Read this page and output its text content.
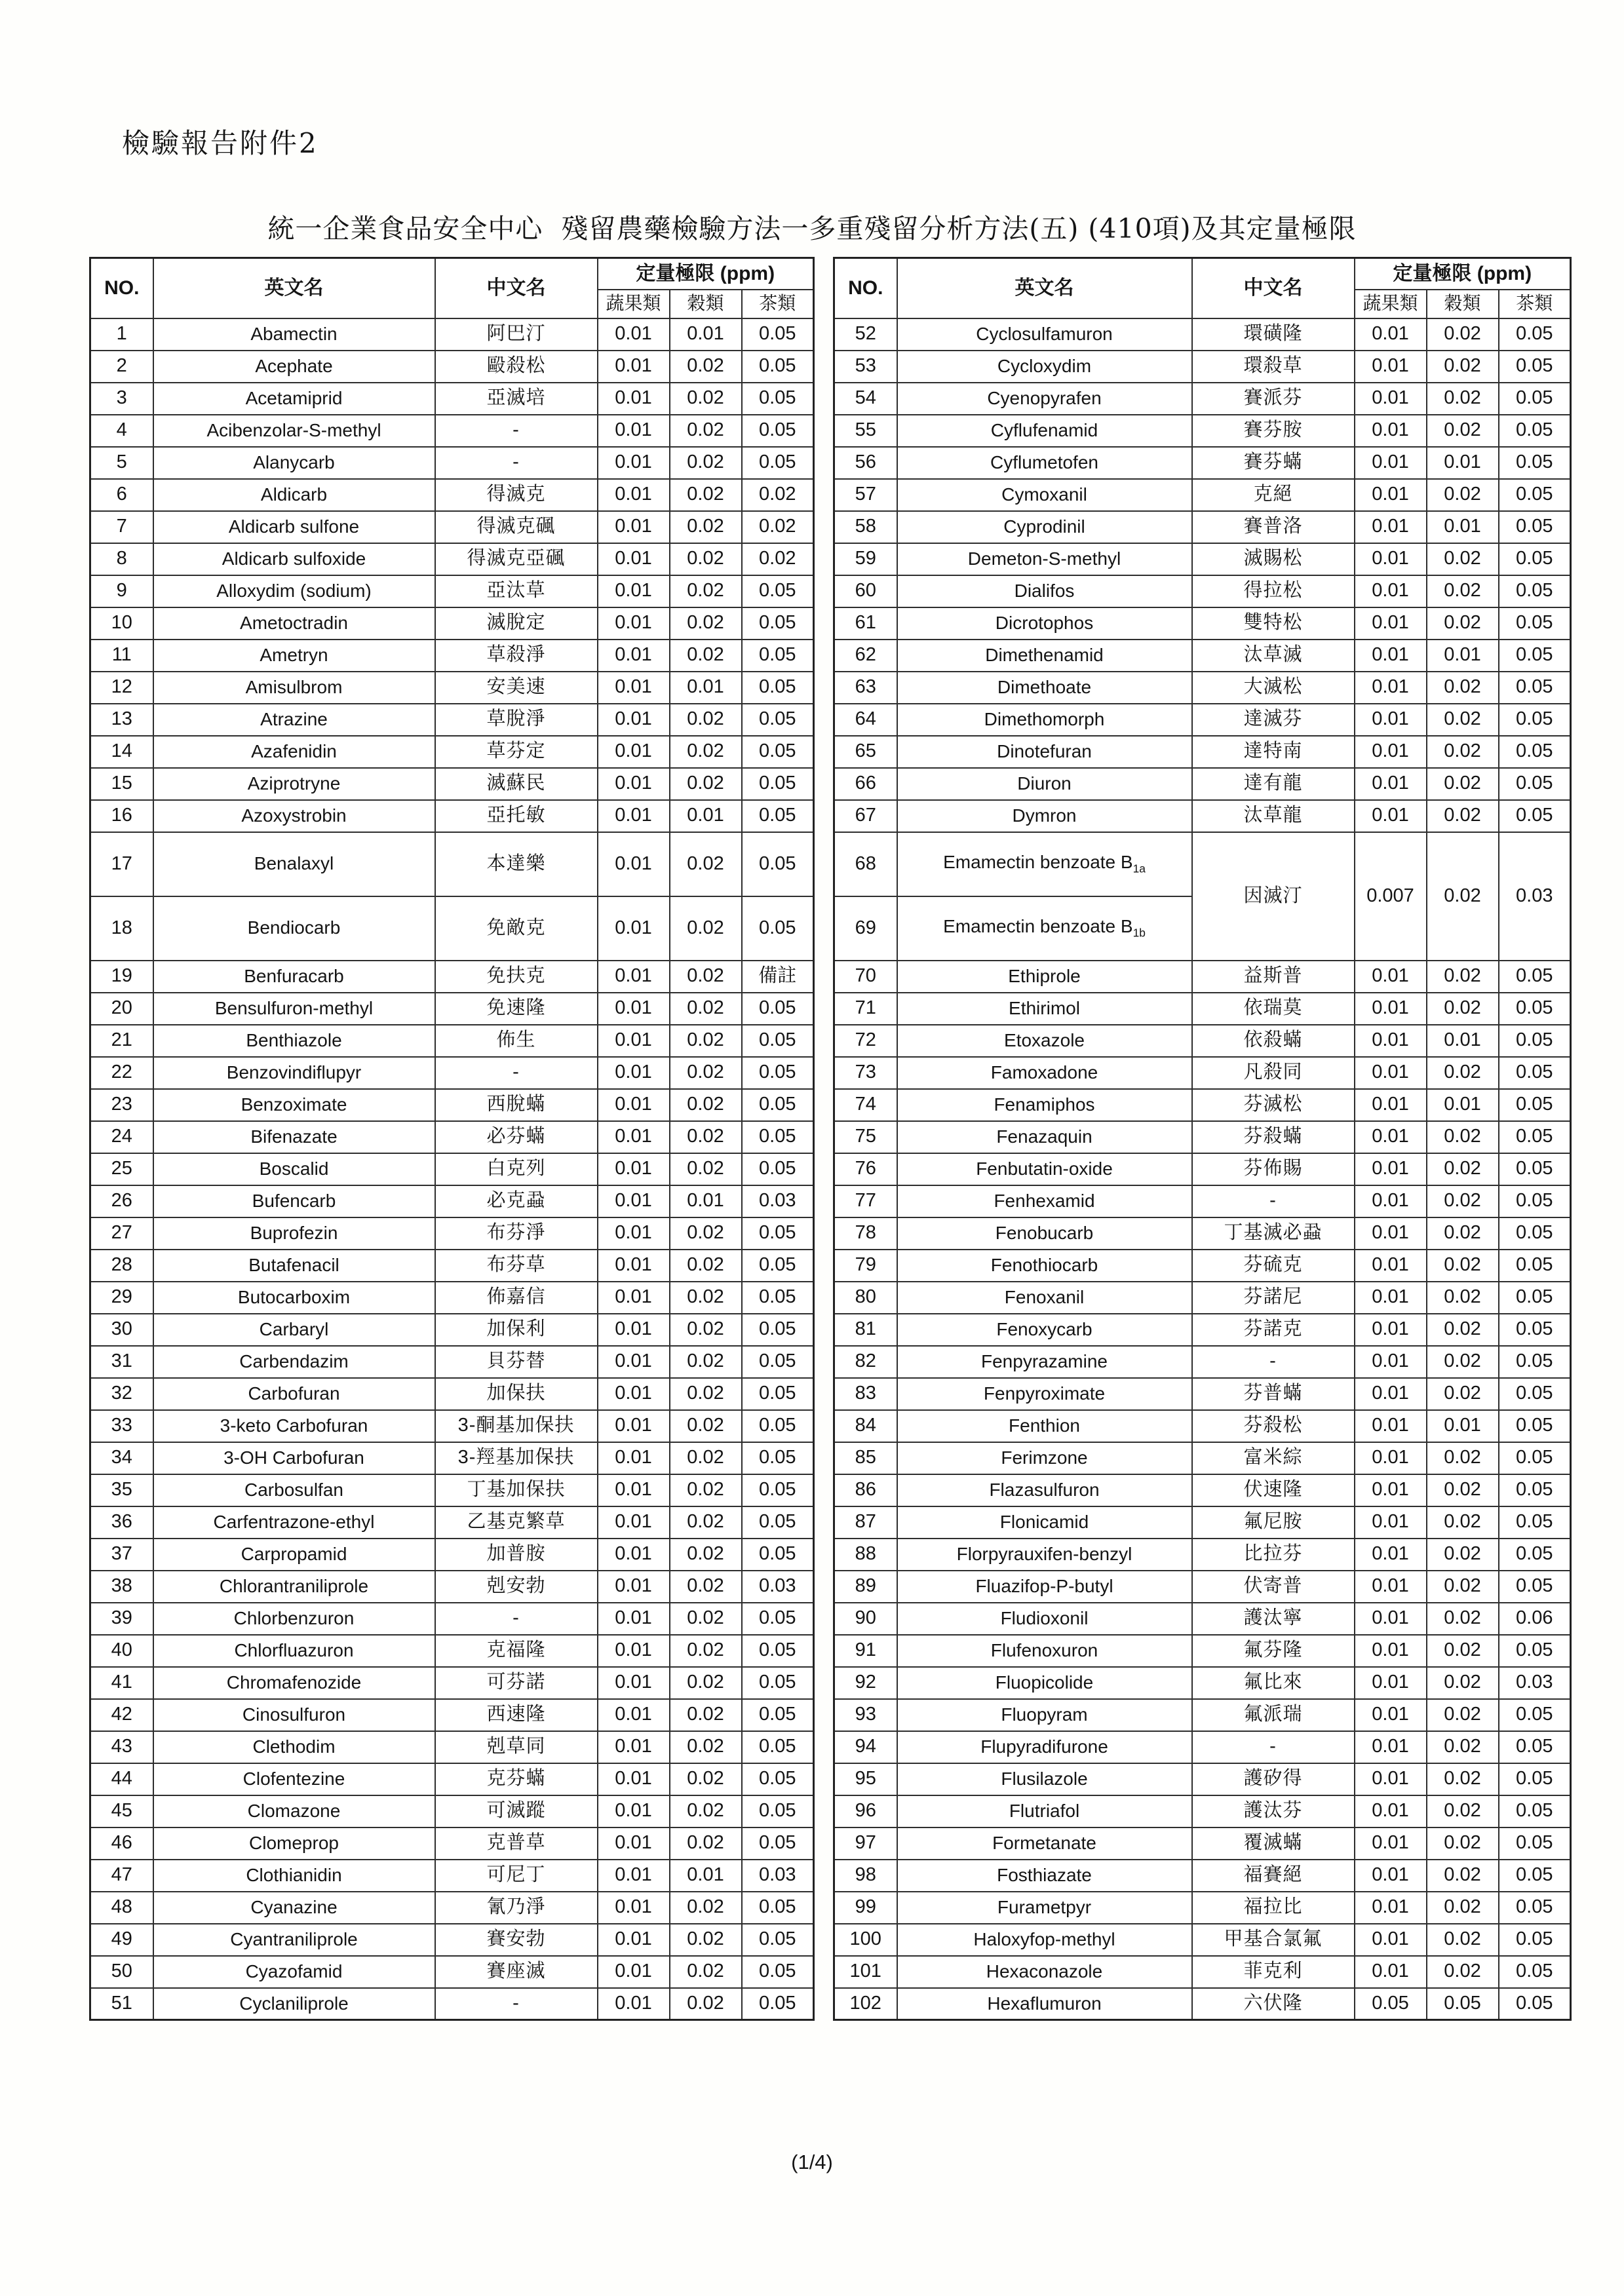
檢驗報告附件2
統一企業食品安全中心  殘留農藥檢驗方法一多重殘留分析方法(五) (410項)及其定量極限
NO.	英文名	中文名	定量極限 (ppm)		
			蔬果類	穀類	茶類
1	Abamectin	阿巴汀	0.01	0.01	0.05
2	Acephate	毆殺松	0.01	0.02	0.05
3	Acetamiprid	亞滅培	0.01	0.02	0.05
4	Acibenzolar-S-methyl	-	0.01	0.02	0.05
5	Alanycarb	-	0.01	0.02	0.05
6	Aldicarb	得滅克	0.01	0.02	0.02
7	Aldicarb sulfone	得滅克碸	0.01	0.02	0.02
8	Aldicarb sulfoxide	得滅克亞碸	0.01	0.02	0.02
9	Alloxydim (sodium)	亞汰草	0.01	0.02	0.05
10	Ametoctradin	滅脫定	0.01	0.02	0.05
11	Ametryn	草殺淨	0.01	0.02	0.05
12	Amisulbrom	安美速	0.01	0.01	0.05
13	Atrazine	草脫淨	0.01	0.02	0.05
14	Azafenidin	草芬定	0.01	0.02	0.05
15	Aziprotryne	滅蘇民	0.01	0.02	0.05
16	Azoxystrobin	亞托敏	0.01	0.01	0.05
17	Benalaxyl	本達樂	0.01	0.02	0.05
18	Bendiocarb	免敵克	0.01	0.02	0.05
19	Benfuracarb	免扶克	0.01	0.02	備註
20	Bensulfuron-methyl	免速隆	0.01	0.02	0.05
21	Benthiazole	佈生	0.01	0.02	0.05
22	Benzovindiflupyr	-	0.01	0.02	0.05
23	Benzoximate	西脫蟎	0.01	0.02	0.05
24	Bifenazate	必芬蟎	0.01	0.02	0.05
25	Boscalid	白克列	0.01	0.02	0.05
26	Bufencarb	必克蝨	0.01	0.01	0.03
27	Buprofezin	布芬淨	0.01	0.02	0.05
28	Butafenacil	布芬草	0.01	0.02	0.05
29	Butocarboxim	佈嘉信	0.01	0.02	0.05
30	Carbaryl	加保利	0.01	0.02	0.05
31	Carbendazim	貝芬替	0.01	0.02	0.05
32	Carbofuran	加保扶	0.01	0.02	0.05
33	3-keto Carbofuran	3-酮基加保扶	0.01	0.02	0.05
34	3-OH Carbofuran	3-羥基加保扶	0.01	0.02	0.05
35	Carbosulfan	丁基加保扶	0.01	0.02	0.05
36	Carfentrazone-ethyl	乙基克繁草	0.01	0.02	0.05
37	Carpropamid	加普胺	0.01	0.02	0.05
38	Chlorantraniliprole	剋安勃	0.01	0.02	0.03
39	Chlorbenzuron	-	0.01	0.02	0.05
40	Chlorfluazuron	克福隆	0.01	0.02	0.05
41	Chromafenozide	可芬諾	0.01	0.02	0.05
42	Cinosulfuron	西速隆	0.01	0.02	0.05
43	Clethodim	剋草同	0.01	0.02	0.05
44	Clofentezine	克芬蟎	0.01	0.02	0.05
45	Clomazone	可滅蹤	0.01	0.02	0.05
46	Clomeprop	克普草	0.01	0.02	0.05
47	Clothianidin	可尼丁	0.01	0.01	0.03
48	Cyanazine	氰乃淨	0.01	0.02	0.05
49	Cyantraniliprole	賽安勃	0.01	0.02	0.05
50	Cyazofamid	賽座滅	0.01	0.02	0.05
51	Cyclaniliprole	-	0.01	0.02	0.05
NO.	英文名	中文名	定量極限 (ppm)		
			蔬果類	穀類	茶類
52	Cyclosulfamuron	環磺隆	0.01	0.02	0.05
53	Cycloxydim	環殺草	0.01	0.02	0.05
54	Cyenopyrafen	賽派芬	0.01	0.02	0.05
55	Cyflufenamid	賽芬胺	0.01	0.02	0.05
56	Cyflumetofen	賽芬蟎	0.01	0.01	0.05
57	Cymoxanil	克絕	0.01	0.02	0.05
58	Cyprodinil	賽普洛	0.01	0.01	0.05
59	Demeton-S-methyl	滅賜松	0.01	0.02	0.05
60	Dialifos	得拉松	0.01	0.02	0.05
61	Dicrotophos	雙特松	0.01	0.02	0.05
62	Dimethenamid	汰草滅	0.01	0.01	0.05
63	Dimethoate	大滅松	0.01	0.02	0.05
64	Dimethomorph	達滅芬	0.01	0.02	0.05
65	Dinotefuran	達特南	0.01	0.02	0.05
66	Diuron	達有龍	0.01	0.02	0.05
67	Dymron	汰草龍	0.01	0.02	0.05
68	Emamectin benzoate $B_{1a}$	因滅汀	0.007	0.02	0.03
69	Emamectin benzoate $B_{1b}$
70	Ethiprole	益斯普	0.01	0.02	0.05
71	Ethirimol	依瑞莫	0.01	0.02	0.05
72	Etoxazole	依殺蟎	0.01	0.01	0.05
73	Famoxadone	凡殺同	0.01	0.02	0.05
74	Fenamiphos	芬滅松	0.01	0.01	0.05
75	Fenazaquin	芬殺蟎	0.01	0.02	0.05
76	Fenbutatin-oxide	芬佈賜	0.01	0.02	0.05
77	Fenhexamid	-	0.01	0.02	0.05
78	Fenobucarb	丁基滅必蝨	0.01	0.02	0.05
79	Fenothiocarb	芬硫克	0.01	0.02	0.05
80	Fenoxanil	芬諾尼	0.01	0.02	0.05
81	Fenoxycarb	芬諾克	0.01	0.02	0.05
82	Fenpyrazamine	-	0.01	0.02	0.05
83	Fenpyroximate	芬普蟎	0.01	0.02	0.05
84	Fenthion	芬殺松	0.01	0.01	0.05
85	Ferimzone	富米綜	0.01	0.02	0.05
86	Flazasulfuron	伏速隆	0.01	0.02	0.05
87	Flonicamid	氟尼胺	0.01	0.02	0.05
88	Florpyrauxifen-benzyl	比拉芬	0.01	0.02	0.05
89	Fluazifop-P-butyl	伏寄普	0.01	0.02	0.05
90	Fludioxonil	護汰寧	0.01	0.02	0.06
91	Flufenoxuron	氟芬隆	0.01	0.02	0.05
92	Fluopicolide	氟比來	0.01	0.02	0.03
93	Fluopyram	氟派瑞	0.01	0.02	0.05
94	Flupyradifurone	-	0.01	0.02	0.05
95	Flusilazole	護矽得	0.01	0.02	0.05
96	Flutriafol	護汰芬	0.01	0.02	0.05
97	Formetanate	覆滅蟎	0.01	0.02	0.05
98	Fosthiazate	福賽絕	0.01	0.02	0.05
99	Furametpyr	福拉比	0.01	0.02	0.05
100	Haloxyfop-methyl	甲基合氯氟	0.01	0.02	0.05
101	Hexaconazole	菲克利	0.01	0.02	0.05
102	Hexaflumuron	六伏隆	0.05	0.05	0.05
(1/4)
